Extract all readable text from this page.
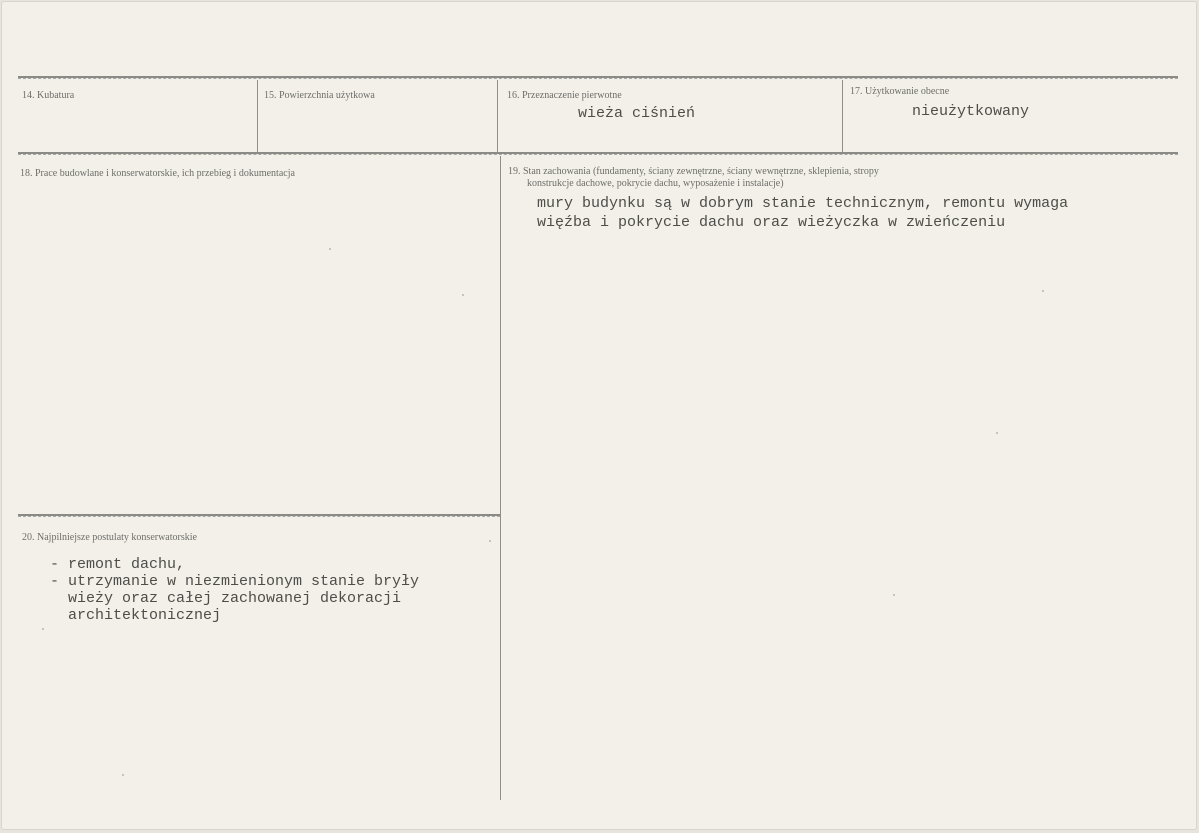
14. Kubatura	15. Powierzchnia użytkowa	16. Przeznaczenie pierwotne
wieża ciśnień
17. Użytkowanie obecne
nieużytkowany
18. Prace budowlane i konserwatorskie, ich przebieg i dokumentacja	19. Stan zachowania (fundamenty, ściany zewnętrzne, ściany wewnętrzne, sklepienia, stropy
konstrukcje dachowe, pokrycie dachu, wyposażenie i instalacje)
mury budynku są w dobrym stanie technicznym, remontu wymaga
więźba i pokrycie dachu oraz wieżyczka w zwieńczeniu
20. Najpilniejsze postulaty konserwatorskie
- remont dachu,
- utrzymanie w niezmienionym stanie bryły
wieży oraz całej zachowanej dekoracji
architektonicznej
